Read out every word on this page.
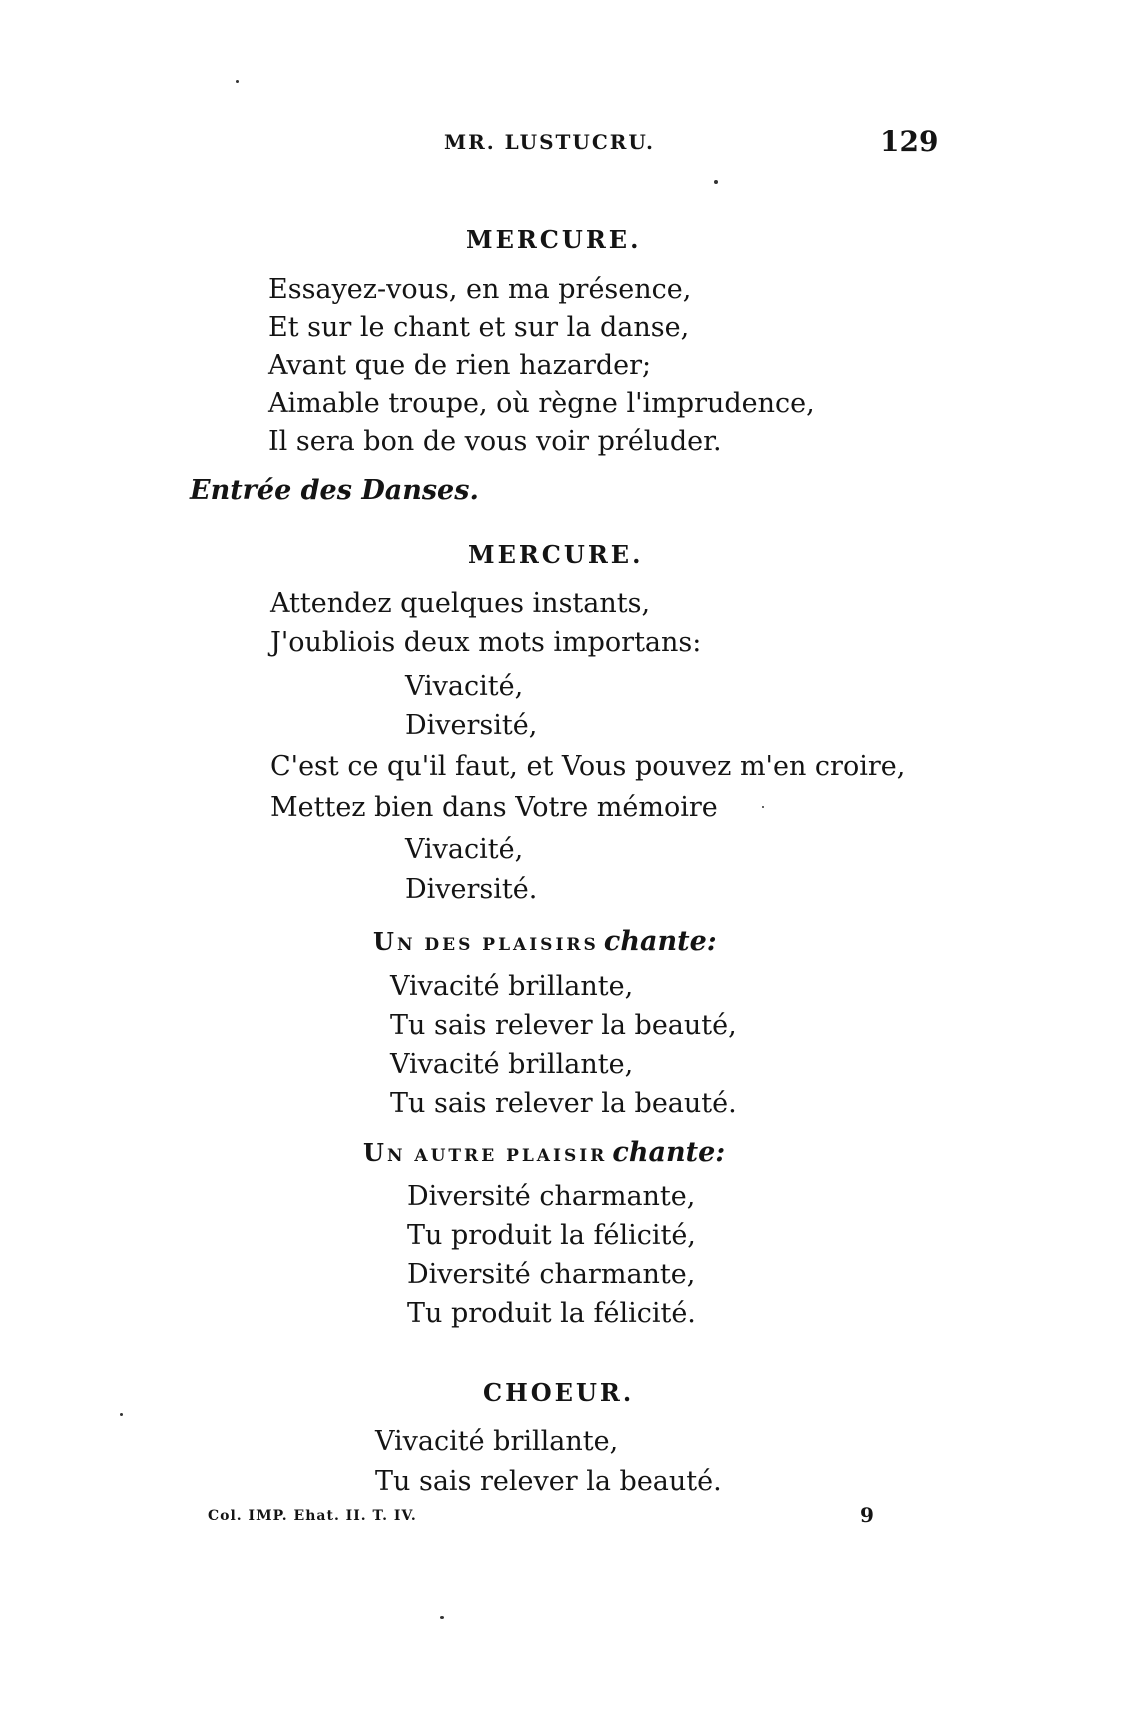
MR. LUSTUCRU.	129

MERCURE.

Essayez-vous, en ma présence,

Et sur le chant et sur la danse,

Avant que de rien hazarder;

Aimable troupe, où règne l'imprudence,

Il sera bon de vous voir préluder.

Entrée des Danses.

MERCURE.

Attendez quelques instants,

J'oubliois deux mots importans:

Vivacité,

Diversité,

C'est ce qu'il faut, et Vous pouvez m'en croire,

Mettez bien dans Votre mémoire

Vivacité,

Diversité.

UN DES PLAISIRS chante:

Vivacité brillante,

Tu sais relever la beauté,

Vivacité brillante,

Tu sais relever la beauté.

UN AUTRE PLAISIR chante:

Diversité charmante,

Tu produit la félicité,

Diversité charmante,

Tu produit la félicité.

CHOEUR.

Vivacité brillante,

Tu sais relever la beauté.

Col. IMP. Ehat. II. T. IV.	9
